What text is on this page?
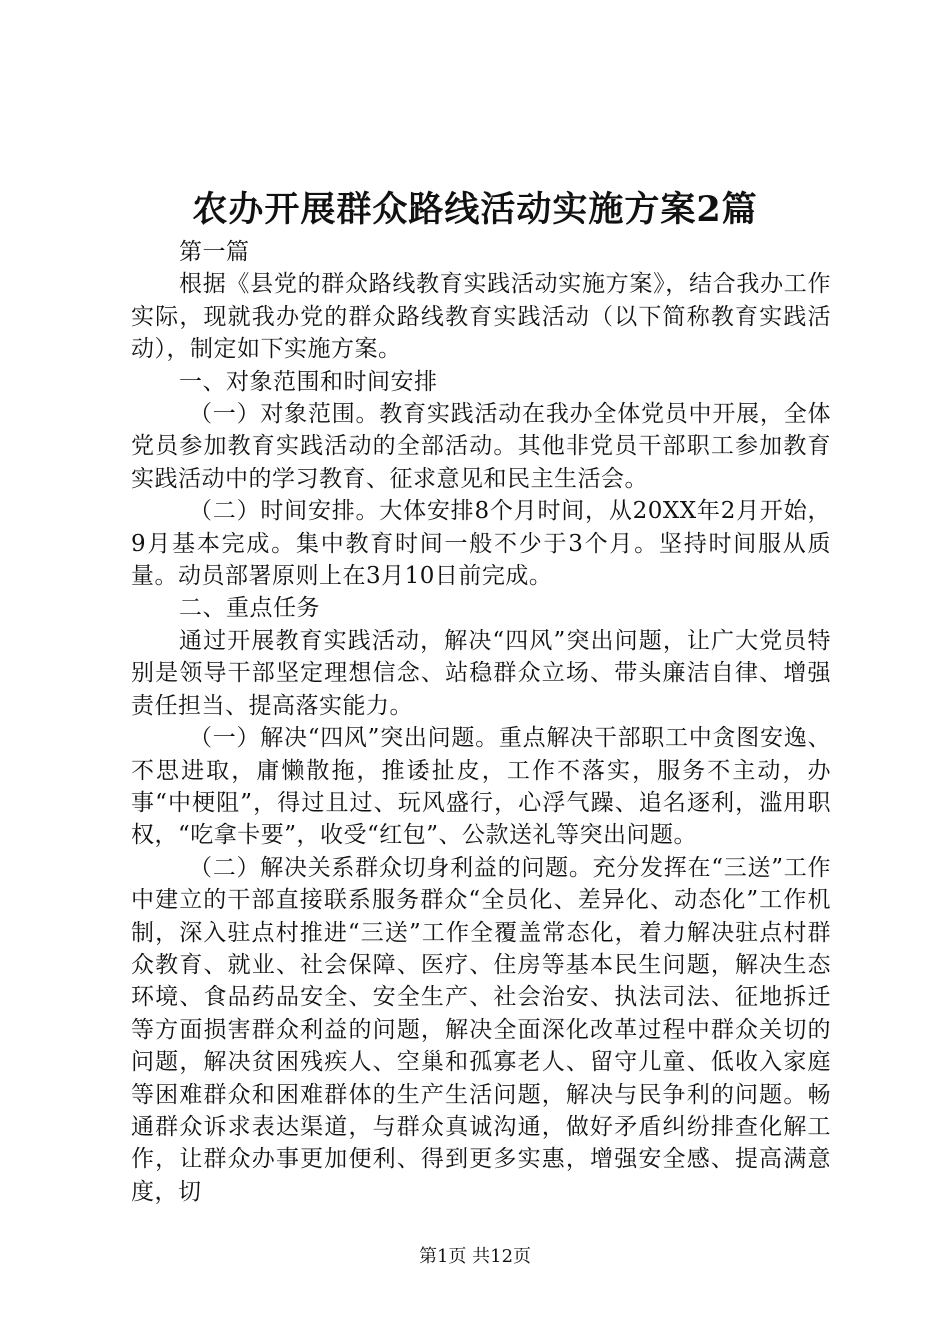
农办开展群众路线活动实施方案2篇

第一篇

根据《县党的群众路线教育实践活动实施方案》，结合我办工作实际，现就我办党的群众路线教育实践活动（以下简称教育实践活动），制定如下实施方案。

一、对象范围和时间安排

（一）对象范围。教育实践活动在我办全体党员中开展，全体党员参加教育实践活动的全部活动。其他非党员干部职工参加教育实践活动中的学习教育、征求意见和民主生活会。

（二）时间安排。大体安排8个月时间，从20XX年2月开始，9月基本完成。集中教育时间一般不少于3个月。坚持时间服从质量。动员部署原则上在3月10日前完成。

二、重点任务

通过开展教育实践活动，解决“四风”突出问题，让广大党员特别是领导干部坚定理想信念、站稳群众立场、带头廉洁自律、增强责任担当、提高落实能力。

（一）解决“四风”突出问题。重点解决干部职工中贪图安逸、不思进取，庸懒散拖，推诿扯皮，工作不落实，服务不主动，办事“中梗阻”，得过且过、玩风盛行，心浮气躁、追名逐利，滥用职权，“吃拿卡要”，收受“红包”、公款送礼等突出问题。

（二）解决关系群众切身利益的问题。充分发挥在“三送”工作中建立的干部直接联系服务群众“全员化、差异化、动态化”工作机制，深入驻点村推进“三送”工作全覆盖常态化，着力解决驻点村群众教育、就业、社会保障、医疗、住房等基本民生问题，解决生态环境、食品药品安全、安全生产、社会治安、执法司法、征地拆迁等方面损害群众利益的问题，解决全面深化改革过程中群众关切的问题，解决贫困残疾人、空巢和孤寡老人、留守儿童、低收入家庭等困难群众和困难群体的生产生活问题，解决与民争利的问题。畅通群众诉求表达渠道，与群众真诚沟通，做好矛盾纠纷排查化解工作，让群众办事更加便利、得到更多实惠，增强安全感、提高满意度，切

第1页 共12页
